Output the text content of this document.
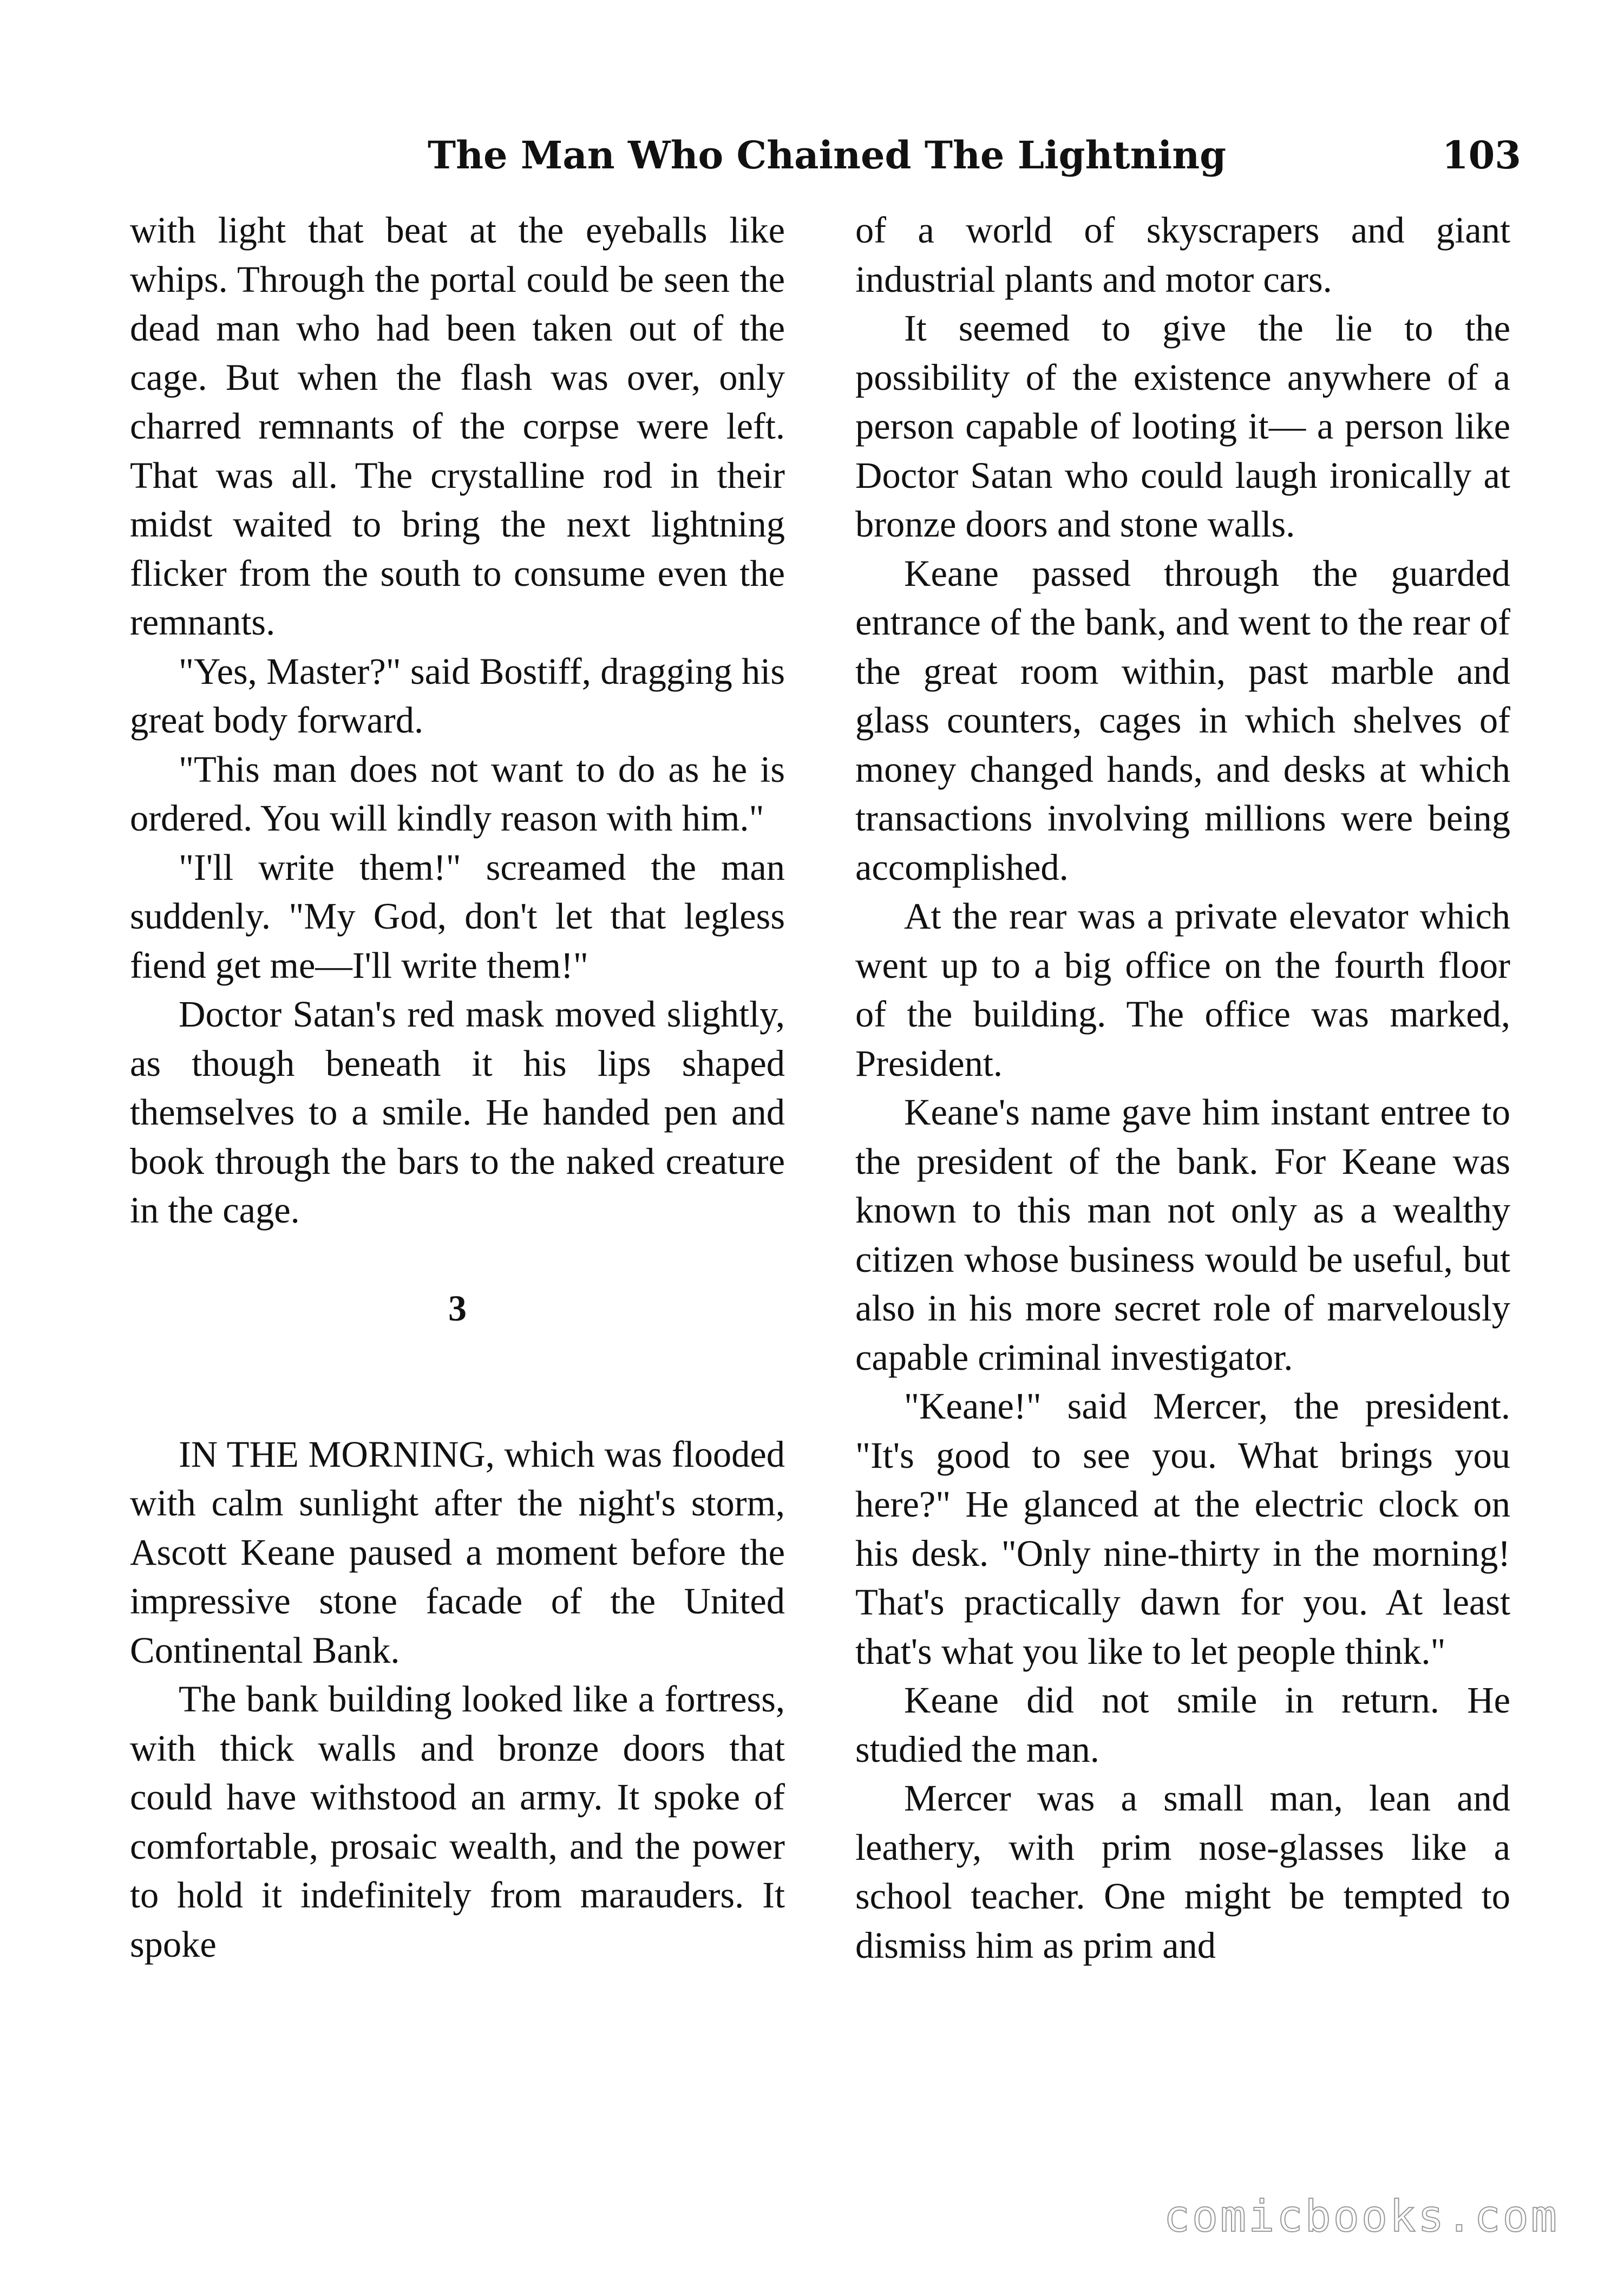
The Man Who Chained The Lightning	103

with light that beat at the eyeballs like whips. Through the portal could be seen the dead man who had been taken out of the cage. But when the flash was over, only charred remnants of the corpse were left. That was all. The crystalline rod in their midst waited to bring the next lightning flicker from the south to consume even the remnants.

"Yes, Master?" said Bostiff, dragging his great body forward.

"This man does not want to do as he is ordered. You will kindly reason with him."

"I'll write them!" screamed the man suddenly. "My God, don't let that legless fiend get me—I'll write them!"

Doctor Satan's red mask moved slightly, as though beneath it his lips shaped themselves to a smile. He handed pen and book through the bars to the naked creature in the cage.

3

IN THE MORNING, which was flooded with calm sunlight after the night's storm, Ascott Keane paused a moment before the impressive stone facade of the United Continental Bank.

The bank building looked like a fortress, with thick walls and bronze doors that could have withstood an army. It spoke of comfortable, prosaic wealth, and the power to hold it indefinitely from marauders. It spoke

of a world of skyscrapers and giant industrial plants and motor cars.

It seemed to give the lie to the possibility of the existence anywhere of a person capable of looting it— a person like Doctor Satan who could laugh ironically at bronze doors and stone walls.

Keane passed through the guarded entrance of the bank, and went to the rear of the great room within, past marble and glass counters, cages in which shelves of money changed hands, and desks at which transactions involving millions were being accomplished.

At the rear was a private elevator which went up to a big office on the fourth floor of the building. The office was marked, President.

Keane's name gave him instant entree to the president of the bank. For Keane was known to this man not only as a wealthy citizen whose business would be useful, but also in his more secret role of marvelously capable criminal investigator.

"Keane!" said Mercer, the president. "It's good to see you. What brings you here?" He glanced at the electric clock on his desk. "Only nine-thirty in the morning! That's practically dawn for you. At least that's what you like to let people think."

Keane did not smile in return. He studied the man.

Mercer was a small man, lean and leathery, with prim nose-glasses like a school teacher. One might be tempted to dismiss him as prim and

comicbooks.com
